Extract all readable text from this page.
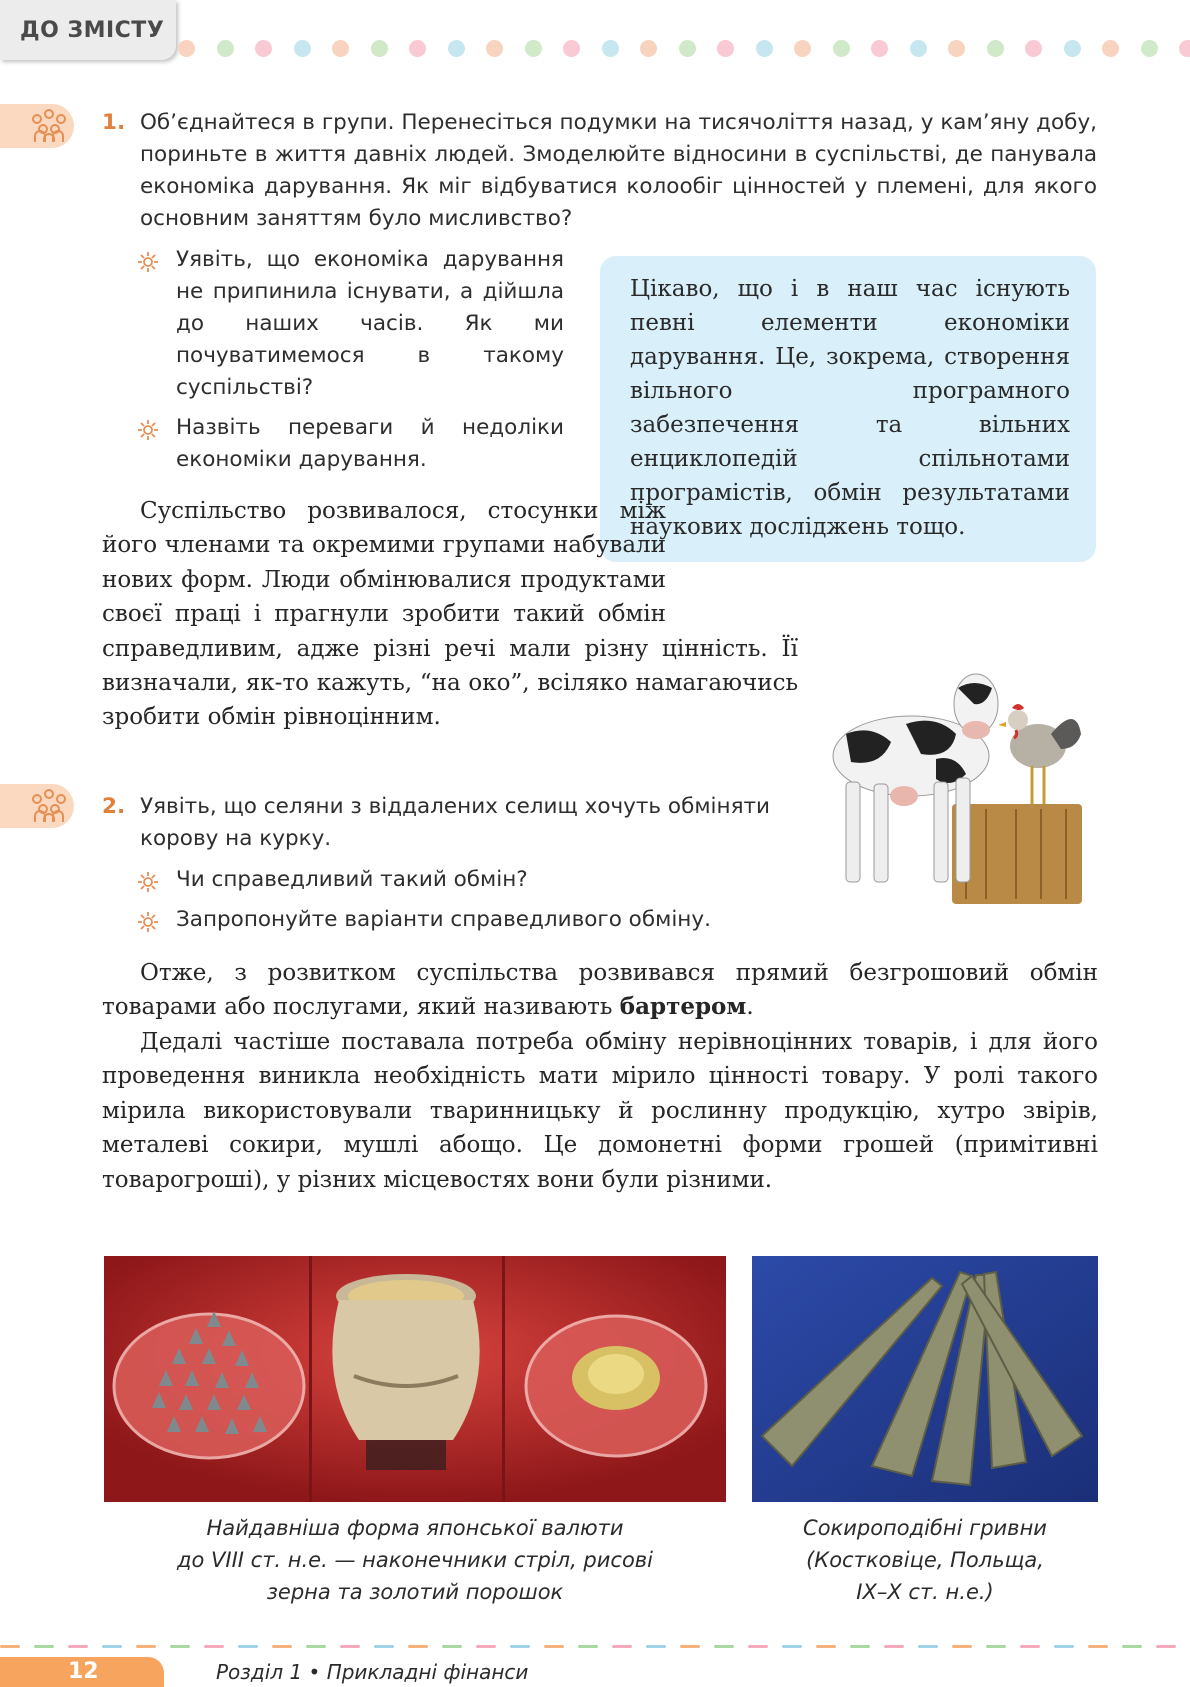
ДО ЗМІСТУ
1. Об’єднайтеся в групи. Перенесіться подумки на тисячоліття назад, у кам’яну добу, пориньте в життя давніх людей. Змоделюйте відносини в суспільстві, де панувала економіка дарування. Як міг відбуватися колообіг цінностей у племені, для якого основним заняттям було мисливство?
Уявіть, що економіка дарування не припинила існувати, а дійшла до наших часів. Як ми почуватимемося в такому суспільстві?
Назвіть переваги й недоліки економіки дарування.
Цікаво, що і в наш час існують певні елементи економіки дарування. Це, зокрема, створення вільного програмного забезпечення та вільних енциклопедій спільнотами програмістів, обмін результатами наукових досліджень тощо.
Суспільство розвивалося, стосунки між його членами та окремими групами набували нових форм. Люди обмінювалися продуктами своєї праці і прагнули зробити такий обмін справедливим, адже різні речі мали різну цінність. Її визначали, як-то кажуть, “на око”, всіляко намагаючись зробити обмін рівноцінним.
2. Уявіть, що селяни з віддалених селищ хочуть обміняти корову на курку.
Чи справедливий такий обмін?
Запропонуйте варіанти справедливого обміну.
Отже, з розвитком суспільства розвивався прямий безгрошовий обмін товарами або послугами, який називають бартером.
Дедалі частіше поставала потреба обміну нерівноцінних товарів, і для його проведення виникла необхідність мати мірило цінності товару. У ролі такого мірила використовували тваринницьку й рослинну продукцію, хутро звірів, металеві сокири, мушлі абощо. Це домонетні форми грошей (примітивні товарогроші), у різних місцевостях вони були різними.
Найдавніша форма японської валюти
до VIII ст. н.е. — наконечники стріл, рисові
зерна та золотий порошок
Сокироподібні гривни
(Костковіце, Польща,
IX–X ст. н.е.)
12	Розділ 1 • Прикладні фінанси
